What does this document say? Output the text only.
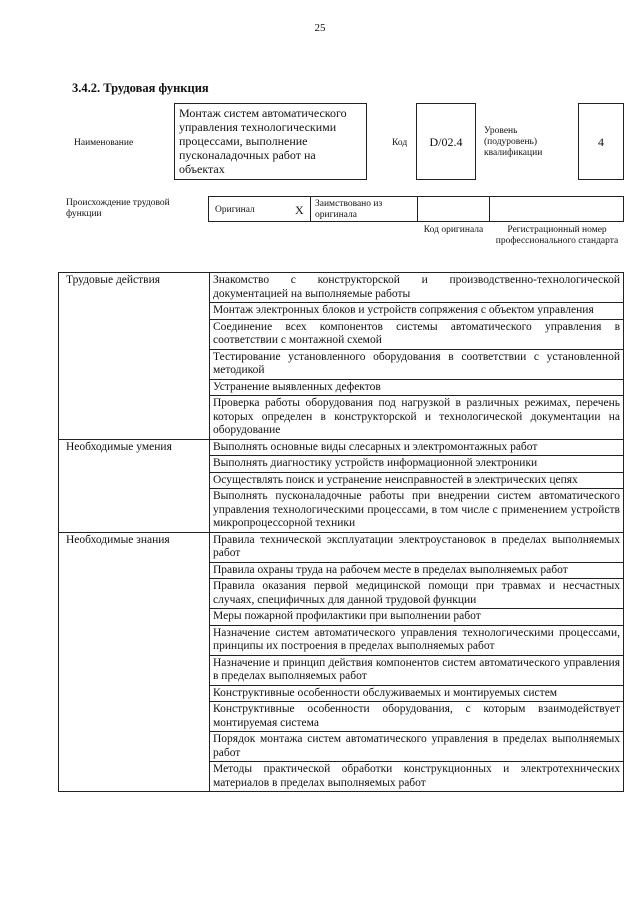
25
3.4.2. Трудовая функция
Наименование
Монтаж систем автоматического управления технологическими процессами, выполнение пусконаладочных работ на объектах
Код	D/02.4
Уровень (подуровень) квалификации
4
Происхождение трудовой функции	Оригинал	X Заимствовано из оригинала
Код оригинала	Регистрационный номер профессионального стандарта
Трудовые действия	Знакомство с конструкторской и производственно-технологической документацией на выполняемые работы
	Монтаж электронных блоков и устройств сопряжения с объектом управления
	Соединение всех компонентов системы автоматического управления в соответствии с монтажной схемой
	Тестирование установленного оборудования в соответствии с установленной методикой
	Устранение выявленных дефектов
	Проверка работы оборудования под нагрузкой в различных режимах, перечень которых определен в конструкторской и технологической документации на оборудование
Необходимые умения	Выполнять основные виды слесарных и электромонтажных работ
	Выполнять диагностику устройств информационной электроники
	Осуществлять поиск и устранение неисправностей в электрических цепях
	Выполнять пусконаладочные работы при внедрении систем автоматического управления технологическими процессами, в том числе с применением устройств микропроцессорной техники
Необходимые знания	Правила технической эксплуатации электроустановок в пределах выполняемых работ
	Правила охраны труда на рабочем месте в пределах выполняемых работ
	Правила оказания первой медицинской помощи при травмах и несчастных случаях, специфичных для данной трудовой функции
	Меры пожарной профилактики при выполнении работ
	Назначение систем автоматического управления технологическими процессами, принципы их построения в пределах выполняемых работ
	Назначение и принцип действия компонентов систем автоматического управления в пределах выполняемых работ
	Конструктивные особенности обслуживаемых и монтируемых систем
	Конструктивные особенности оборудования, с которым взаимодействует монтируемая система
	Порядок монтажа систем автоматического управления в пределах выполняемых работ
	Методы практической обработки конструкционных и электротехнических материалов в пределах выполняемых работ
